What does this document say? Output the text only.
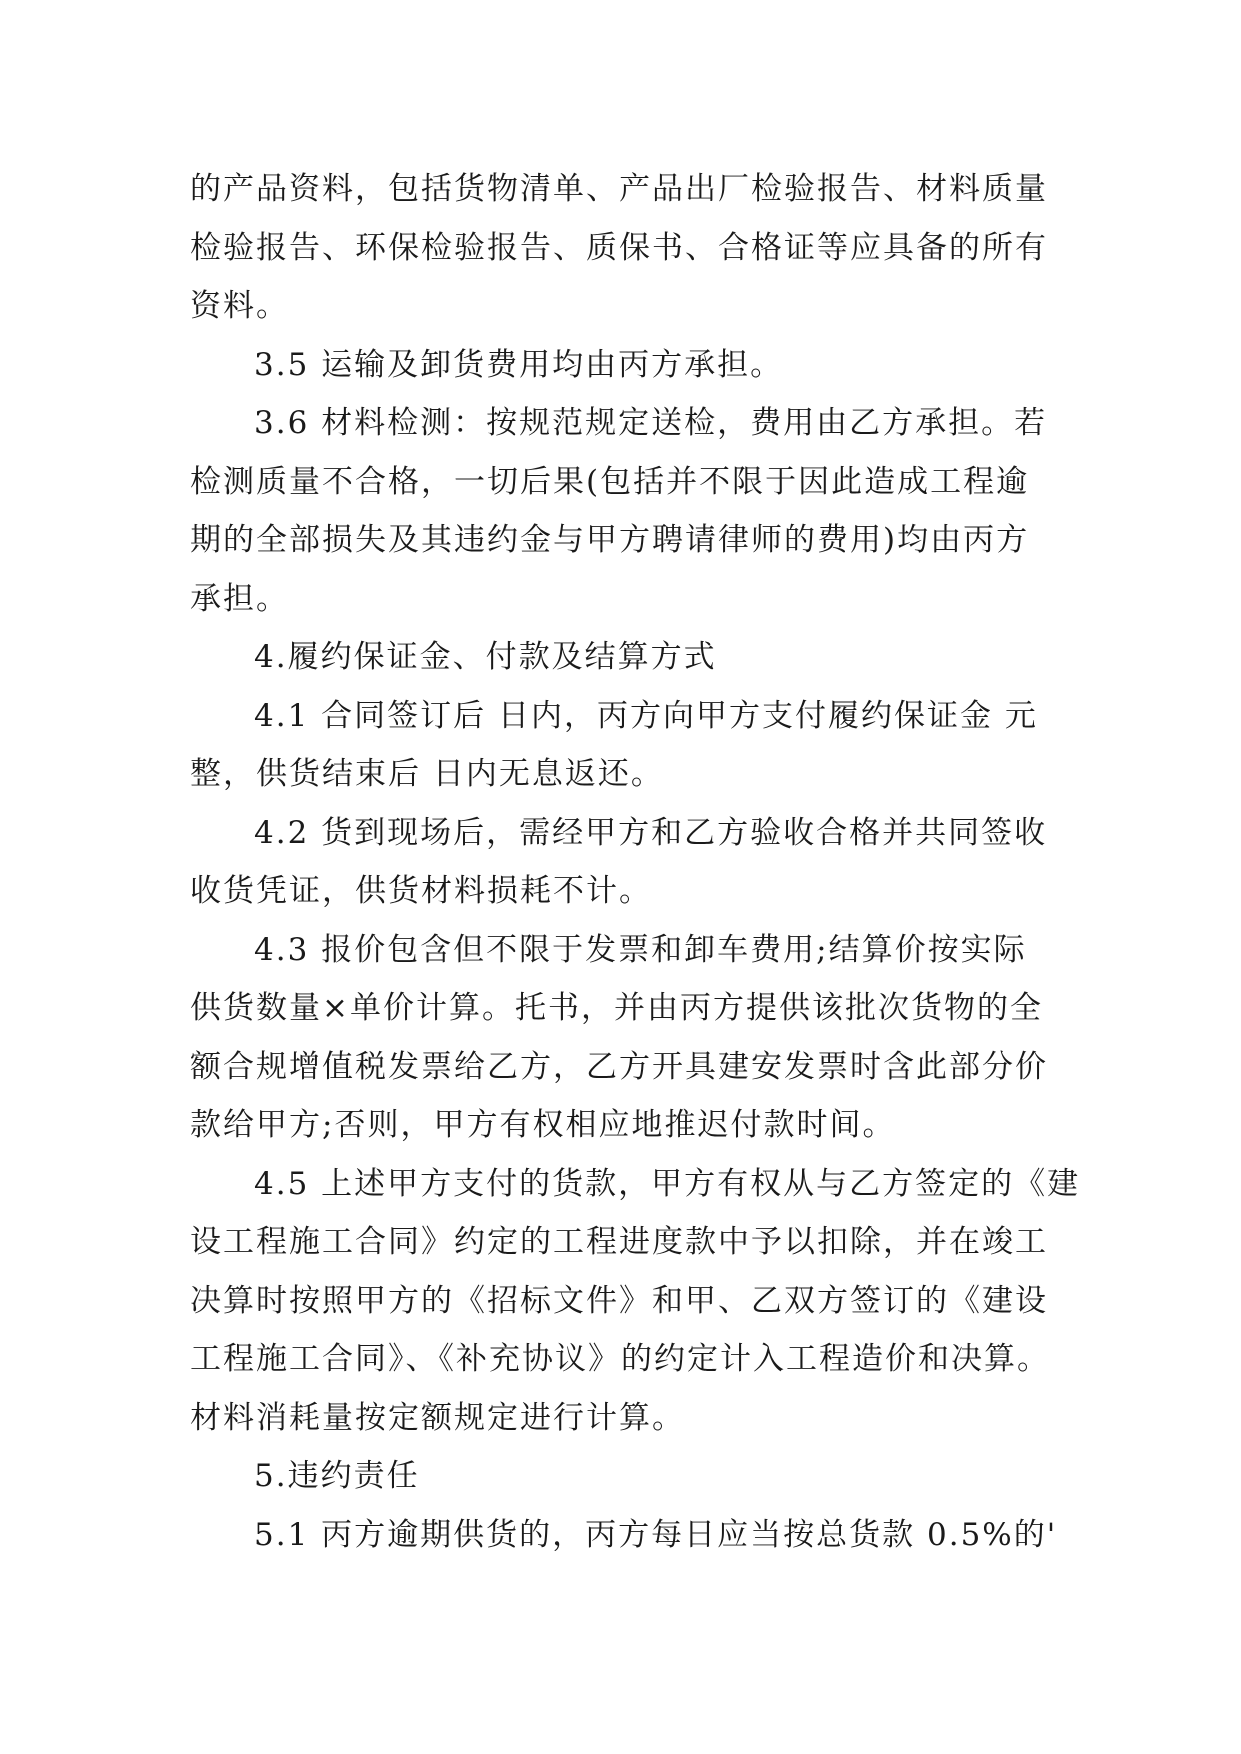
的产品资料，包括货物清单、产品出厂检验报告、材料质量
检验报告、环保检验报告、质保书、合格证等应具备的所有
资料。

3.5 运输及卸货费用均由丙方承担。

3.6 材料检测：按规范规定送检，费用由乙方承担。若
检测质量不合格，一切后果(包括并不限于因此造成工程逾
期的全部损失及其违约金与甲方聘请律师的费用)均由丙方
承担。

4.履约保证金、付款及结算方式

4.1 合同签订后 日内，丙方向甲方支付履约保证金 元
整，供货结束后 日内无息返还。

4.2 货到现场后，需经甲方和乙方验收合格并共同签收
收货凭证，供货材料损耗不计。

4.3 报价包含但不限于发票和卸车费用;结算价按实际
供货数量×单价计算。托书，并由丙方提供该批次货物的全
额合规增值税发票给乙方，乙方开具建安发票时含此部分价
款给甲方;否则，甲方有权相应地推迟付款时间。

4.5 上述甲方支付的货款，甲方有权从与乙方签定的《建
设工程施工合同》约定的工程进度款中予以扣除，并在竣工
决算时按照甲方的《招标文件》和甲、乙双方签订的《建设
工程施工合同》、《补充协议》的约定计入工程造价和决算。
材料消耗量按定额规定进行计算。

5.违约责任

5.1 丙方逾期供货的，丙方每日应当按总货款 0.5%的'
